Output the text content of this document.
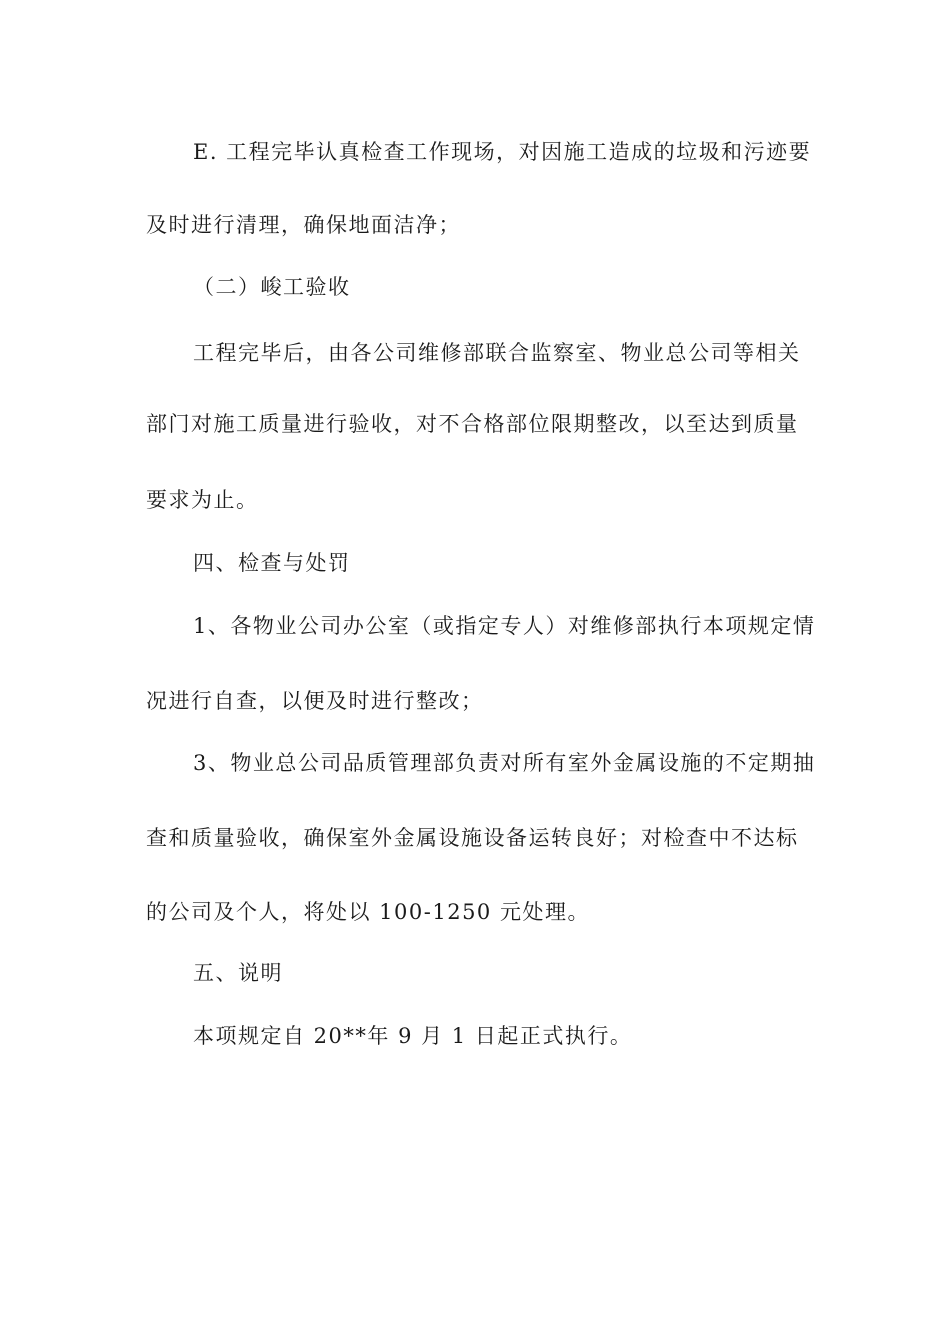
E. 工程完毕认真检查工作现场，对因施工造成的垃圾和污迹要
及时进行清理，确保地面洁净；
（二）峻工验收
工程完毕后，由各公司维修部联合监察室、物业总公司等相关
部门对施工质量进行验收，对不合格部位限期整改，以至达到质量
要求为止。
四、检查与处罚
1、各物业公司办公室（或指定专人）对维修部执行本项规定情
况进行自查，以便及时进行整改；
3、物业总公司品质管理部负责对所有室外金属设施的不定期抽
查和质量验收，确保室外金属设施设备运转良好；对检查中不达标
的公司及个人，将处以 100-1250 元处理。
五、说明
本项规定自 20**年 9 月 1 日起正式执行。
